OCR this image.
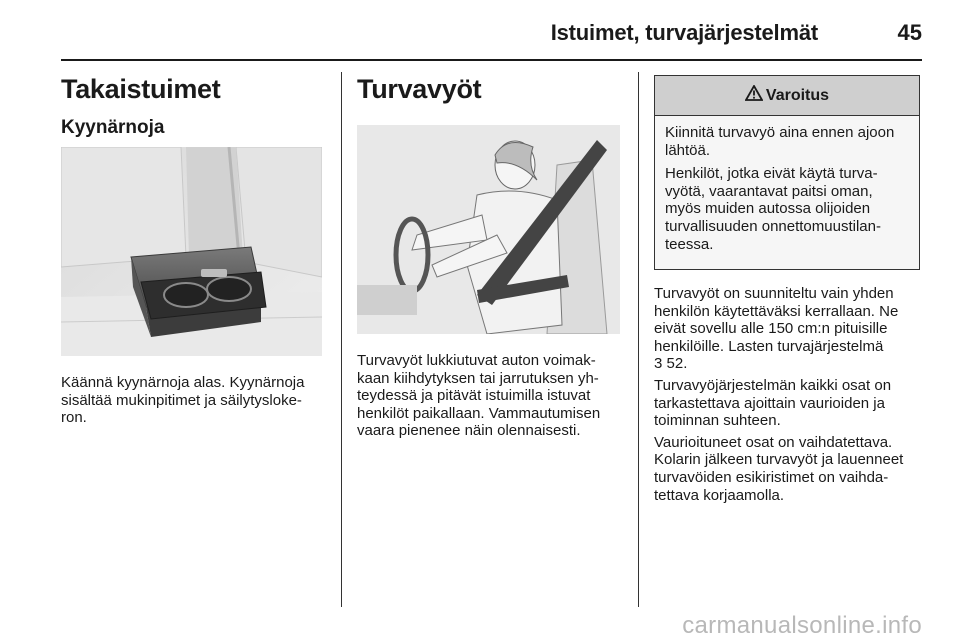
Istuimet, turvajärjestelmät	45
Takaistuimet
Kyynärnoja
Käännä kyynärnoja alas. Kyynärnoja
sisältää mukinpitimet ja säilytysloke-
ron.
Turvavyöt
Turvavyöt lukkiutuvat auton voimak-
kaan kiihdytyksen tai jarrutuksen yh-
teydessä ja pitävät istuimilla istuvat
henkilöt paikallaan. Vammautumisen
vaara pienenee näin olennaisesti.
Varoitus

Kiinnitä turvavyö aina ennen ajoon
lähtöä.

Henkilöt, jotka eivät käytä turva-
vyötä, vaarantavat paitsi oman,
myös muiden autossa olijoiden
turvallisuuden onnettomuustilan-
teessa.

Turvavyöt on suunniteltu vain yhden
henkilön käytettäväksi kerrallaan. Ne
eivät sovellu alle 150 cm:n pituisille
henkilöille. Lasten turvajärjestelmä
3 52.

Turvavyöjärjestelmän kaikki osat on
tarkastettava ajoittain vaurioiden ja
toiminnan suhteen.

Vaurioituneet osat on vaihdatettava.
Kolarin jälkeen turvavyöt ja lauenneet
turvavöiden esikiristimet on vaihda-
tettava korjaamolla.

carmanualsonline.info
